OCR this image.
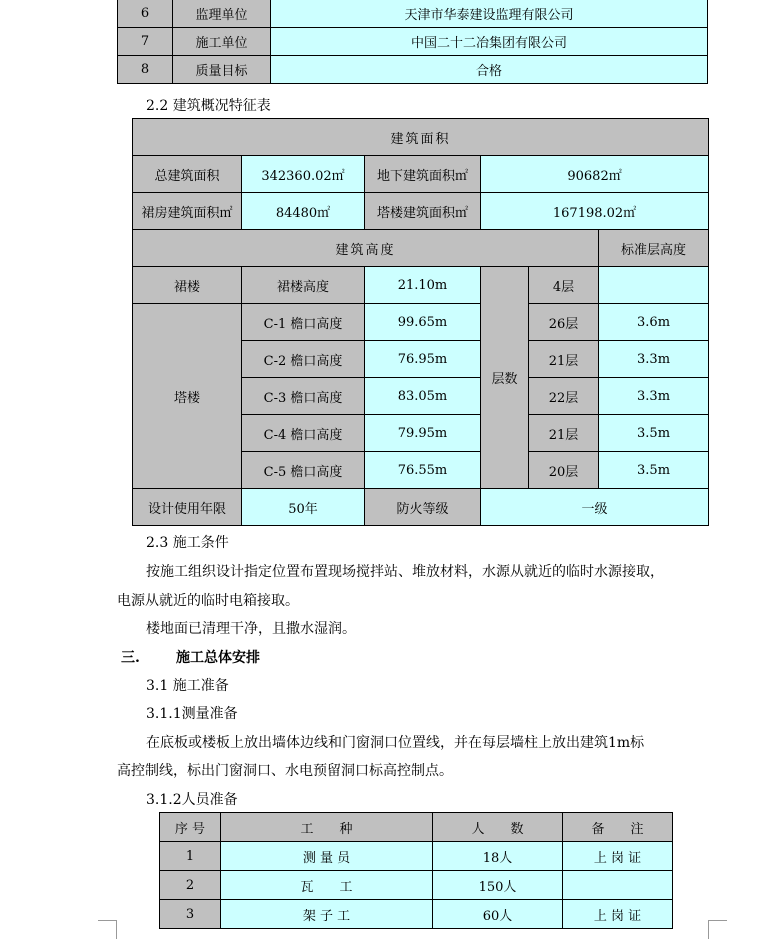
6	监理单位	天津市华泰建设监理有限公司
7	施工单位	中国二十二冶集团有限公司
8	质量目标	合格
2.2 建筑概况特征表
建筑面积					
总建筑面积	342360.02㎡	地下建筑面积㎡	90682㎡		
裙房建筑面积㎡	84480㎡	塔楼建筑面积㎡	167198.02㎡		
建筑高度					标准层高度
裙楼	裙楼高度	21.10m	层数	4层	
塔楼	C-1 檐口高度	99.65m		26层	3.6m
	C-2 檐口高度	76.95m		21层	3.3m
	C-3 檐口高度	83.05m		22层	3.3m
	C-4 檐口高度	79.95m		21层	3.5m
	C-5 檐口高度	76.55m		20层	3.5m
设计使用年限	50年	防火等级	一级		
2.3 施工条件
按施工组织设计指定位置布置现场搅拌站、堆放材料，水源从就近的临时水源接取，
电源从就近的临时电箱接取。
楼地面已清理干净，且撒水湿润。
三.	施工总体安排
3.1 施工准备
3.1.1测量准备
在底板或楼板上放出墙体边线和门窗洞口位置线，并在每层墙柱上放出建筑1m标
高控制线，标出门窗洞口、水电预留洞口标高控制点。
3.1.2人员准备
序 号	工　　种	人　　数	备　　注
1	测 量 员	18人	上 岗 证
2	瓦　　工	150人	
3	架 子 工	60人	上 岗 证
